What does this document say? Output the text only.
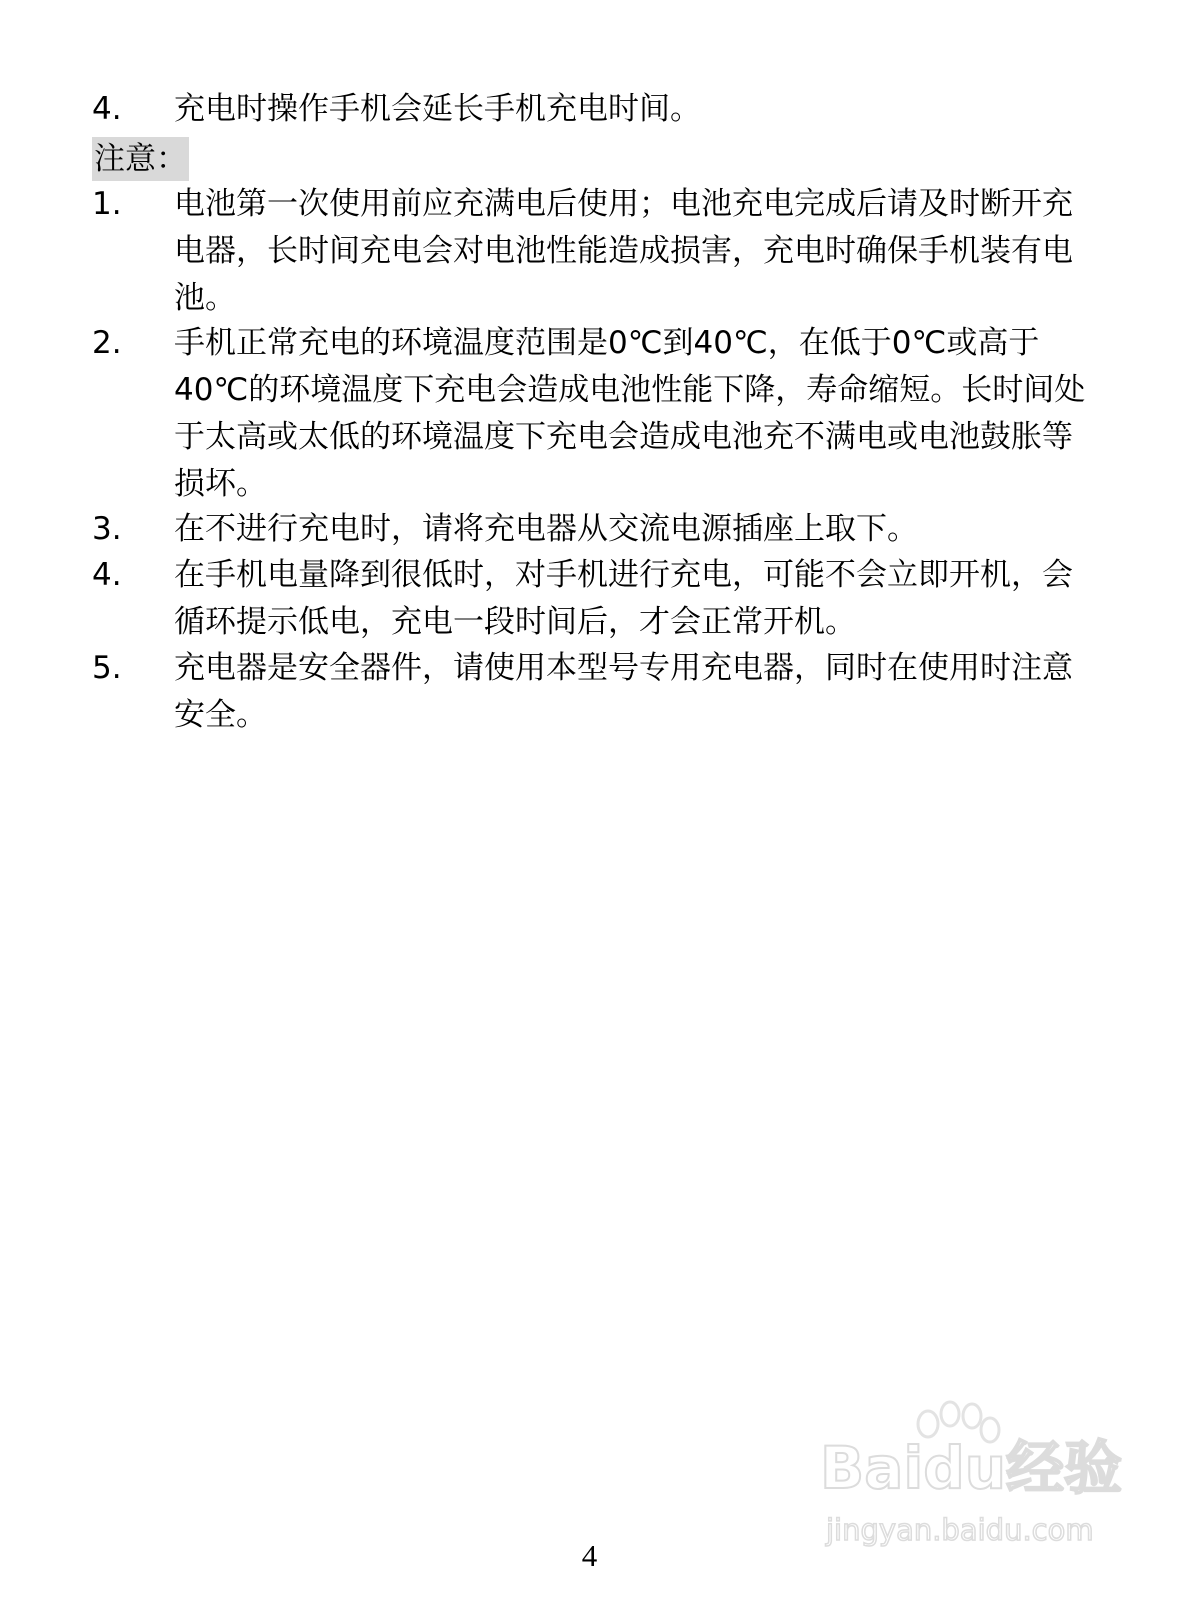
4.	充电时操作手机会延长手机充电时间。
注意：
1.	电池第一次使用前应充满电后使用；电池充电完成后请及时断开充电器，长时间充电会对电池性能造成损害，充电时确保手机装有电池。
2.	手机正常充电的环境温度范围是0℃到40℃，在低于0℃或高于40℃的环境温度下充电会造成电池性能下降，寿命缩短。长时间处于太高或太低的环境温度下充电会造成电池充不满电或电池鼓胀等损坏。
3.	在不进行充电时，请将充电器从交流电源插座上取下。
4.	在手机电量降到很低时，对手机进行充电，可能不会立即开机，会循环提示低电，充电一段时间后，才会正常开机。
5.	充电器是安全器件，请使用本型号专用充电器，同时在使用时注意安全。
4
Baidu经验
jingyan.baidu.com
